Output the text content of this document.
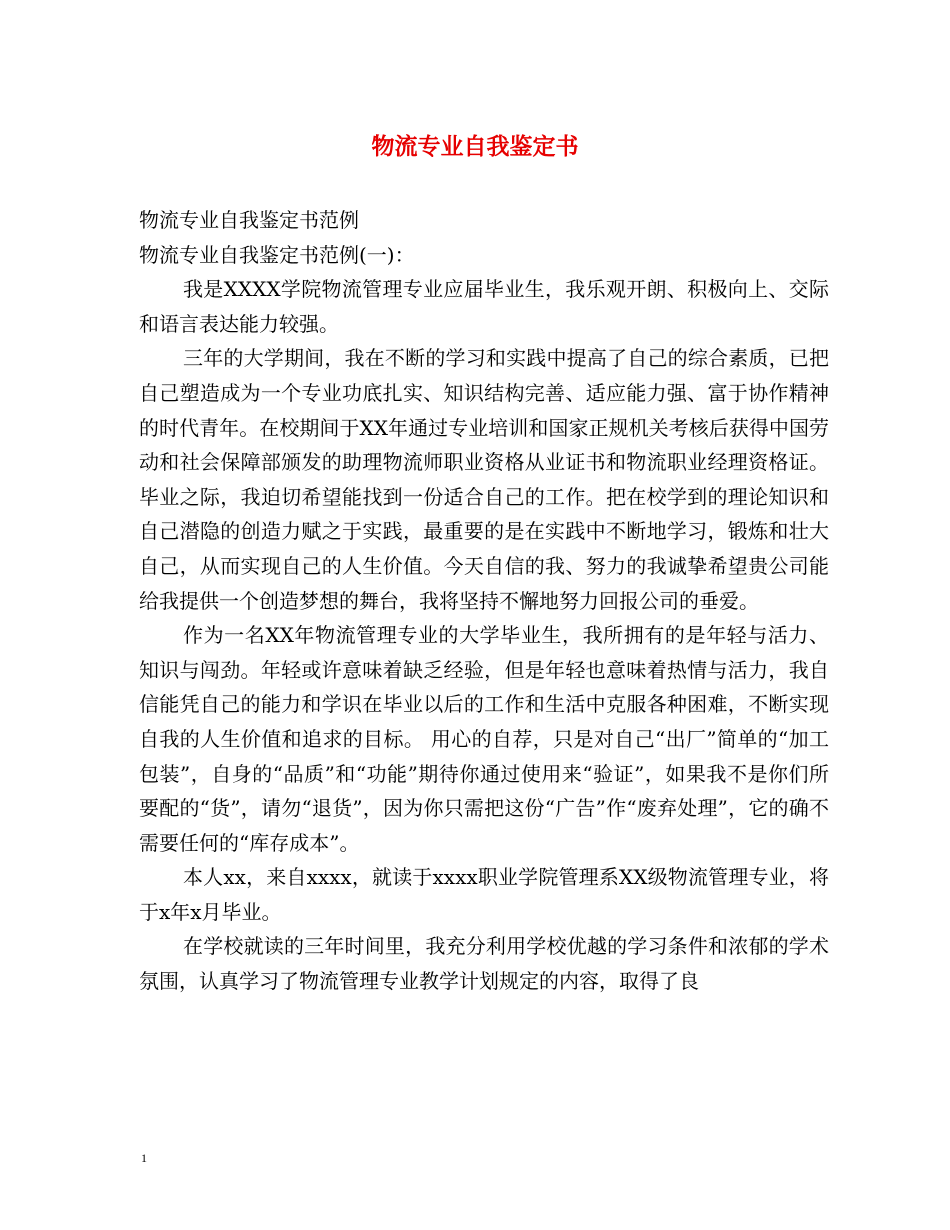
物流专业自我鉴定书

物流专业自我鉴定书范例

物流专业自我鉴定书范例(一)：

我是XXXX学院物流管理专业应届毕业生，我乐观开朗、积极向上、交际和语言表达能力较强。

三年的大学期间，我在不断的学习和实践中提高了自己的综合素质，已把自己塑造成为一个专业功底扎实、知识结构完善、适应能力强、富于协作精神的时代青年。在校期间于XX年通过专业培训和国家正规机关考核后获得中国劳动和社会保障部颁发的助理物流师职业资格从业证书和物流职业经理资格证。毕业之际，我迫切希望能找到一份适合自己的工作。把在校学到的理论知识和自己潜隐的创造力赋之于实践，最重要的是在实践中不断地学习，锻炼和壮大自己，从而实现自己的人生价值。今天自信的我、努力的我诚挚希望贵公司能给我提供一个创造梦想的舞台，我将坚持不懈地努力回报公司的垂爱。

作为一名XX年物流管理专业的大学毕业生，我所拥有的是年轻与活力、知识与闯劲。年轻或许意味着缺乏经验，但是年轻也意味着热情与活力，我自信能凭自己的能力和学识在毕业以后的工作和生活中克服各种困难，不断实现自我的人生价值和追求的目标。 用心的自荐，只是对自己“出厂”简单的“加工包装”，自身的“品质”和“功能”期待你通过使用来“验证”，如果我不是你们所要配的“货”，请勿“退货”，因为你只需把这份“广告”作“废弃处理”，它的确不需要任何的“库存成本”。

本人xx，来自xxxx，就读于xxxx职业学院管理系XX级物流管理专业，将于x年x月毕业。

在学校就读的三年时间里，我充分利用学校优越的学习条件和浓郁的学术氛围，认真学习了物流管理专业教学计划规定的内容，取得了良

1
